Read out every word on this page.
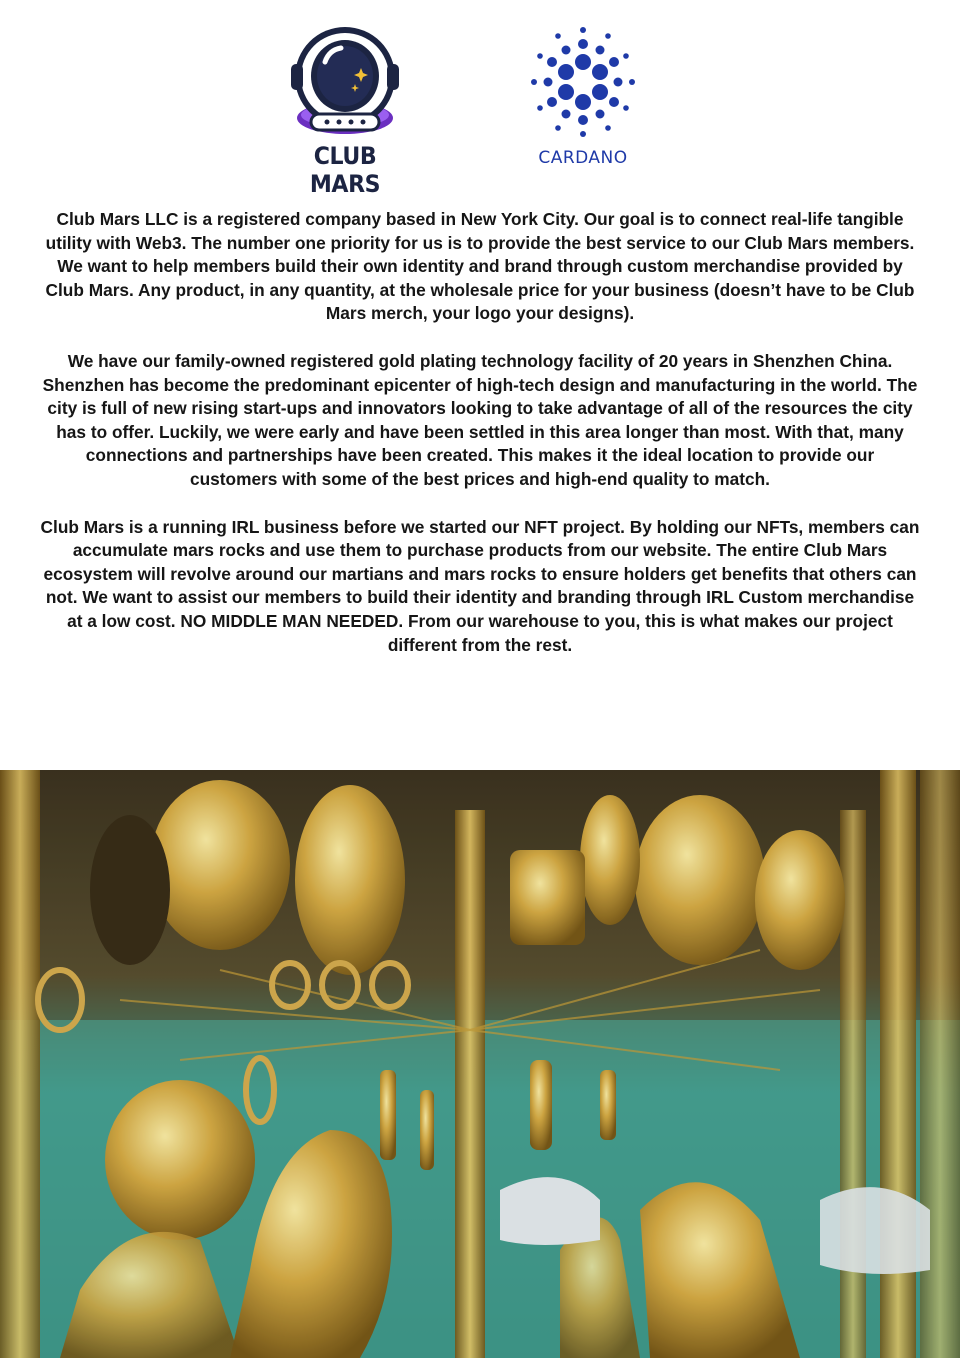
CLUB MARS
CARDANO

Club Mars LLC is a registered company based in New York City. Our goal is to connect real-life tangible utility with Web3. The number one priority for us is to provide the best service to our Club Mars members. We want to help members build their own identity and brand through custom merchandise provided by Club Mars. Any product, in any quantity, at the wholesale price for your business (doesn’t have to be Club Mars merch, your logo your designs).

We have our family-owned registered gold plating technology facility of 20 years in Shenzhen China. Shenzhen has become the predominant epicenter of high-tech design and manufacturing in the world. The city is full of new rising start-ups and innovators looking to take advantage of all of the resources the city has to offer. Luckily, we were early and have been settled in this area longer than most. With that, many connections and partnerships have been created. This makes it the ideal location to provide our customers with some of the best prices and high-end quality to match.

Club Mars is a running IRL business before we started our NFT project. By holding our NFTs, members can accumulate mars rocks and use them to purchase products from our website. The entire Club Mars ecosystem will revolve around our martians and mars rocks to ensure holders get benefits that others can not. We want to assist our members to build their identity and branding through IRL Custom merchandise at a low cost. NO MIDDLE MAN NEEDED. From our warehouse to you, this is what makes our project different from the rest.
